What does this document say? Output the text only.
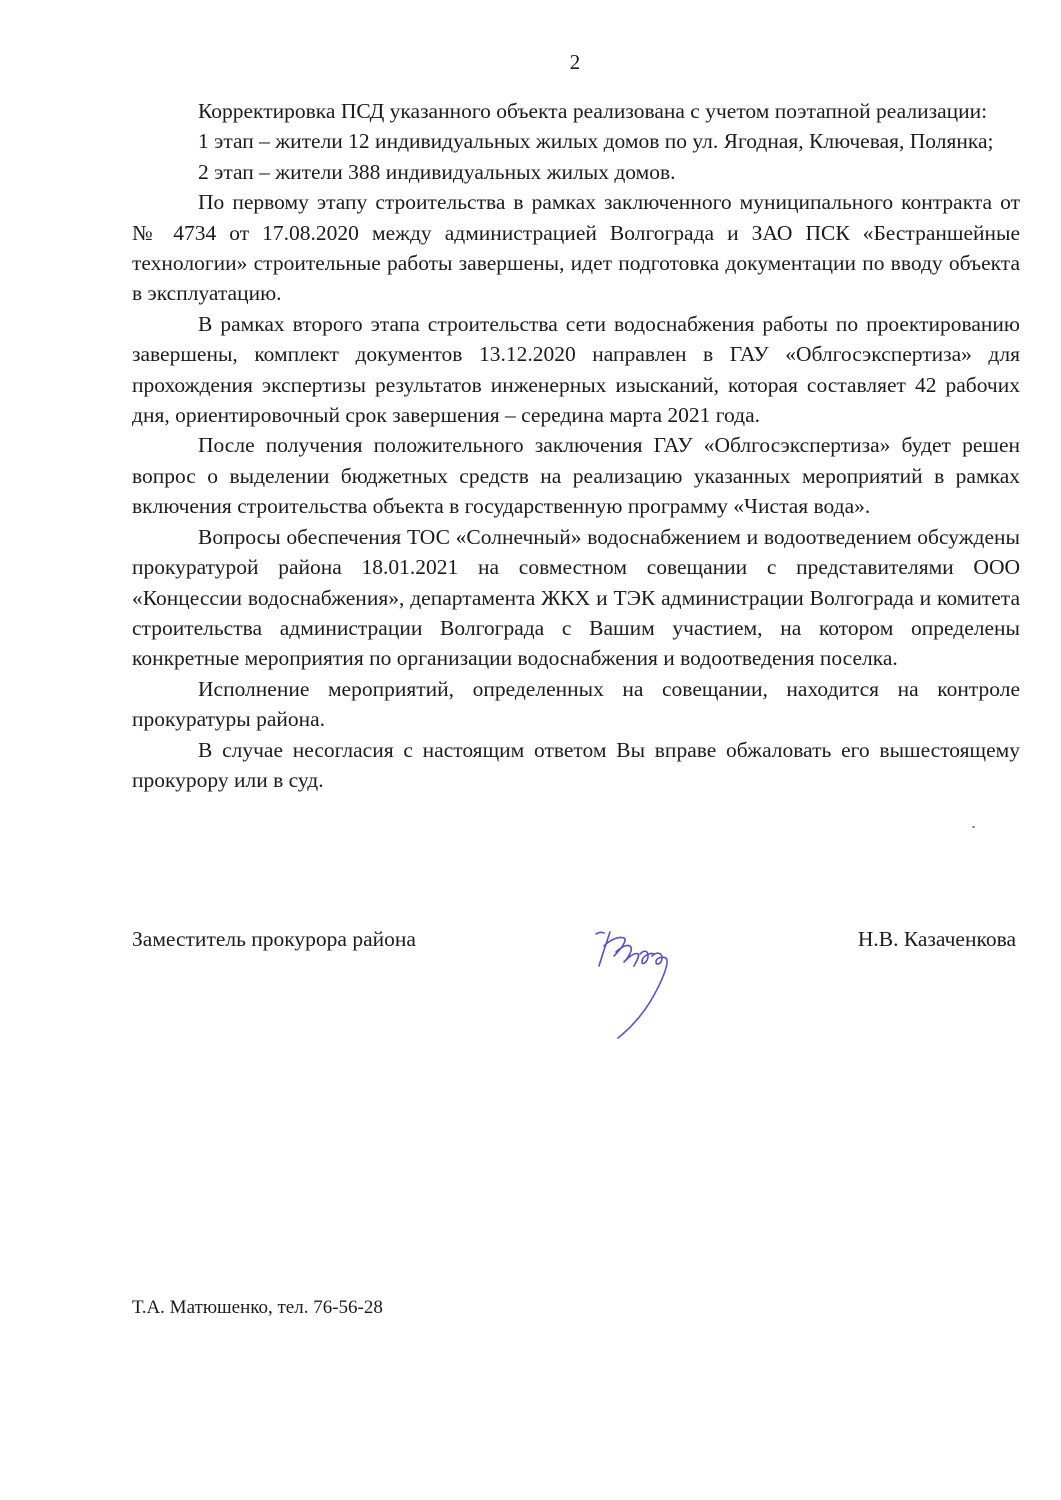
2

Корректировка ПСД указанного объекта реализована с учетом поэтапной реализации:

1 этап – жители 12 индивидуальных жилых домов по ул. Ягодная, Ключевая, Полянка;

2 этап – жители 388 индивидуальных жилых домов.

По первому этапу строительства в рамках заключенного муниципального контракта от № 4734 от 17.08.2020 между администрацией Волгограда и ЗАО ПСК «Бестраншейные технологии» строительные работы завершены, идет подготовка документации по вводу объекта в эксплуатацию.

В рамках второго этапа строительства сети водоснабжения работы по проектированию завершены, комплект документов 13.12.2020 направлен в ГАУ «Облгосэкспертиза» для прохождения экспертизы результатов инженерных изысканий, которая составляет 42 рабочих дня, ориентировочный срок завершения – середина марта 2021 года.

После получения положительного заключения ГАУ «Облгосэкспертиза» будет решен вопрос о выделении бюджетных средств на реализацию указанных мероприятий в рамках включения строительства объекта в государственную программу «Чистая вода».

Вопросы обеспечения ТОС «Солнечный» водоснабжением и водоотведением обсуждены прокуратурой района 18.01.2021 на совместном совещании с представителями ООО «Концессии водоснабжения», департамента ЖКХ и ТЭК администрации Волгограда и комитета строительства администрации Волгограда с Вашим участием, на котором определены конкретные мероприятия по организации водоснабжения и водоотведения поселка.

Исполнение мероприятий, определенных на совещании, находится на контроле прокуратуры района.

В случае несогласия с настоящим ответом Вы вправе обжаловать его вышестоящему прокурору или в суд.

Заместитель прокурора района	Н.В. Казаченкова
Т.А. Матюшенко, тел. 76-56-28
